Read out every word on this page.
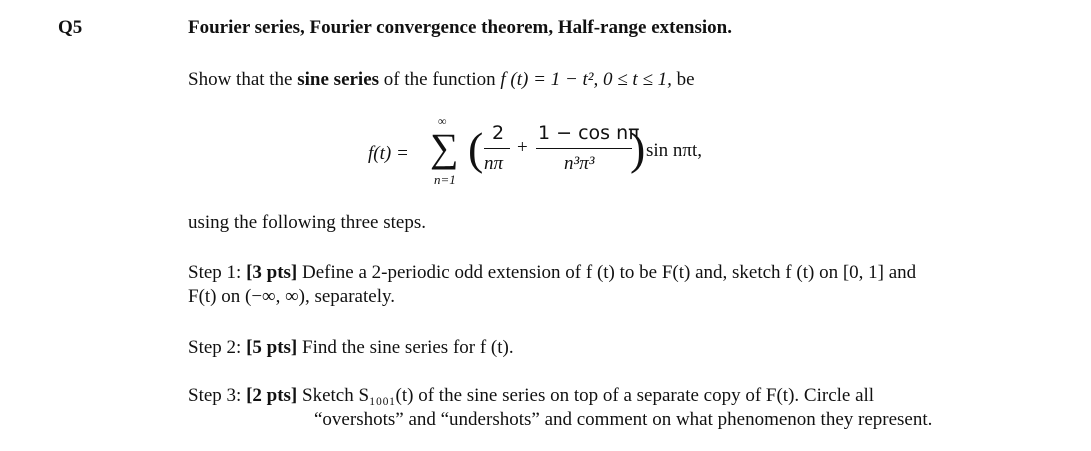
Q5	Fourier series, Fourier convergence theorem, Half-range extension.
Show that the sine series of the function f (t) = 1 − t², 0 ≤ t ≤ 1, be
f(t) =
∞
∑
n=1
( 2
nπ
+
1 − cos nπ
n³π³ ) sin nπt,
using the following three steps.
Step 1: [3 pts] Define a 2-periodic odd extension of f (t) to be F(t) and, sketch f (t) on [0, 1] and
F(t) on (−∞, ∞), separately.
Step 2: [5 pts] Find the sine series for f (t).
Step 3: [2 pts] Sketch S₁₀₀₁(t) of the sine series on top of a separate copy of F(t). Circle all
“overshots” and “undershots” and comment on what phenomenon they represent.
